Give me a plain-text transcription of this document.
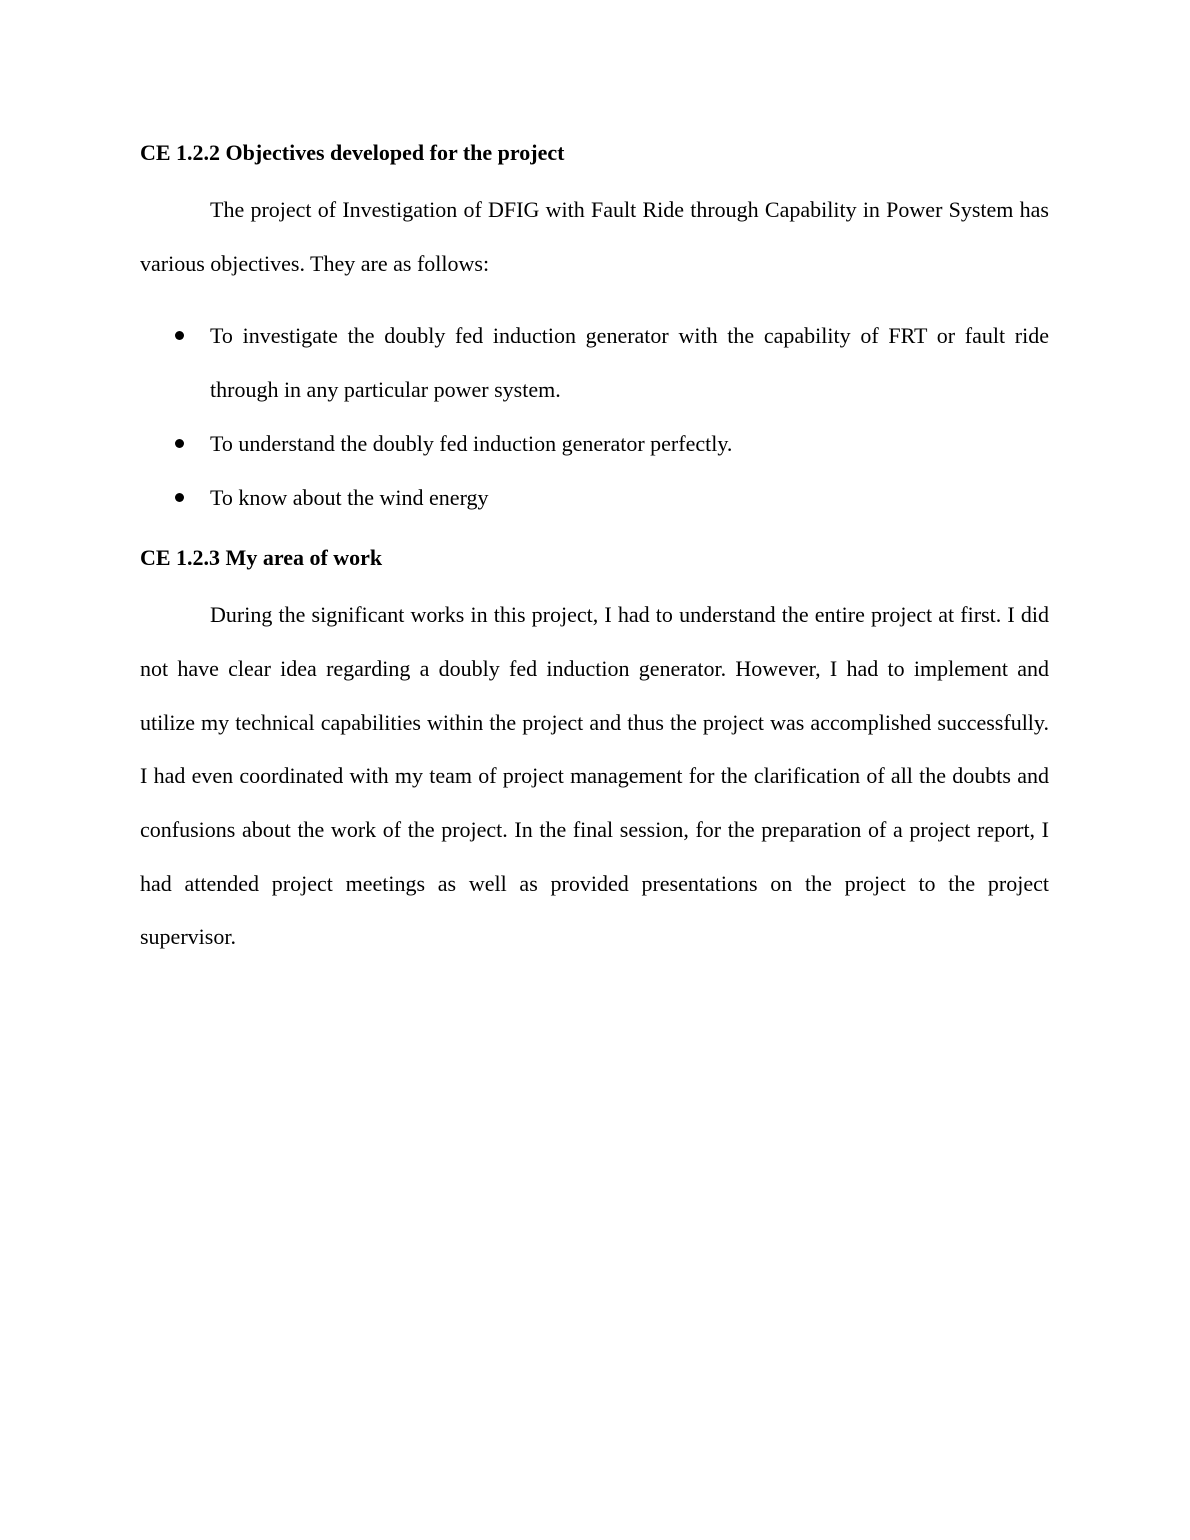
CE 1.2.2 Objectives developed for the project

The project of Investigation of DFIG with Fault Ride through Capability in Power System has various objectives. They are as follows:

To investigate the doubly fed induction generator with the capability of FRT or fault ride through in any particular power system.
To understand the doubly fed induction generator perfectly.
To know about the wind energy
CE 1.2.3 My area of work

During the significant works in this project, I had to understand the entire project at first. I did not have clear idea regarding a doubly fed induction generator. However, I had to implement and utilize my technical capabilities within the project and thus the project was accomplished successfully. I had even coordinated with my team of project management for the clarification of all the doubts and confusions about the work of the project. In the final session, for the preparation of a project report, I had attended project meetings as well as provided presentations on the project to the project supervisor.
